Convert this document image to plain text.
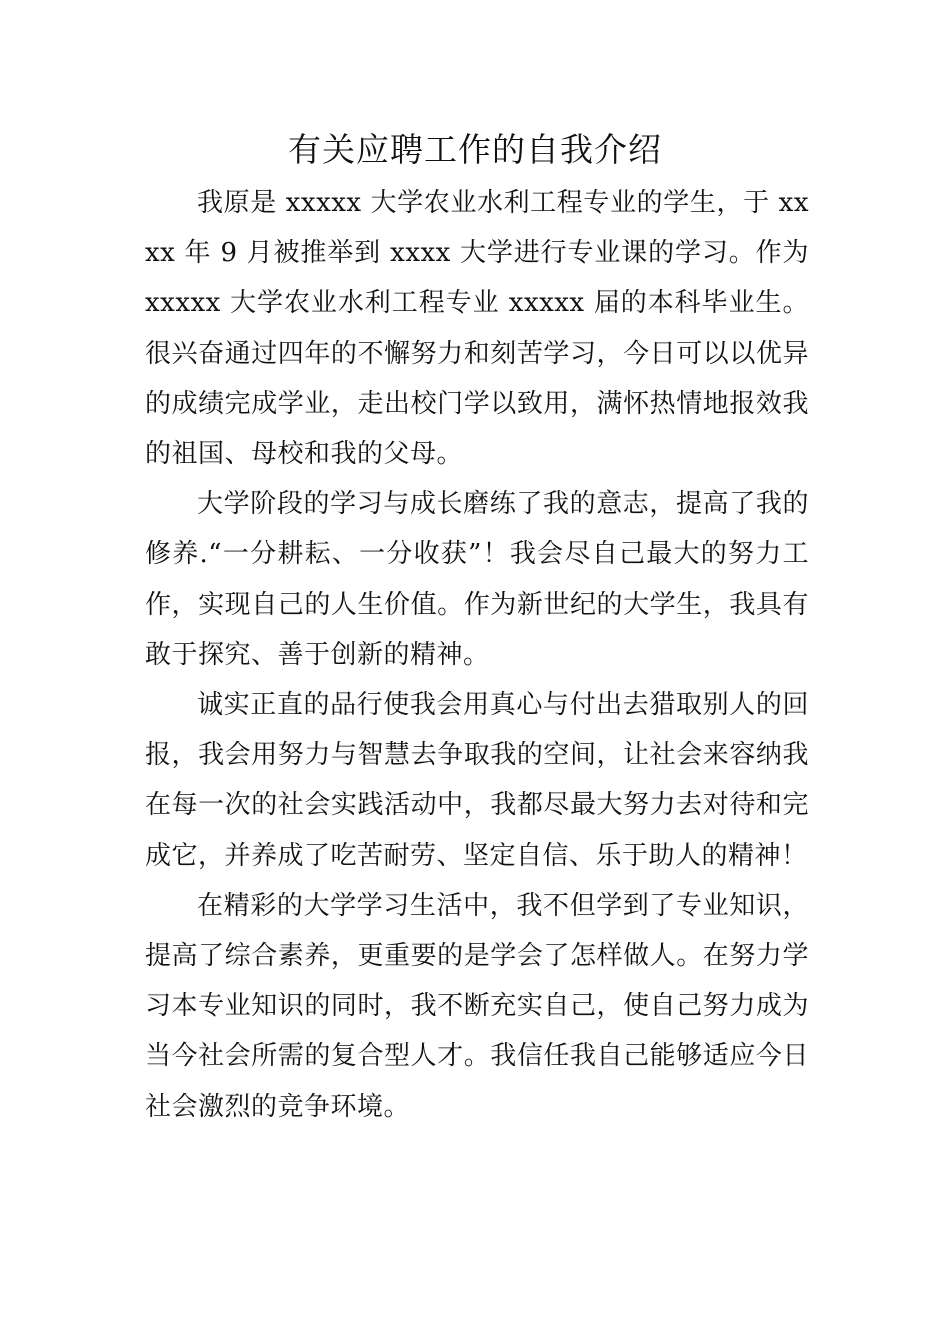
有关应聘工作的自我介绍

我原是 xxxxx 大学农业水利工程专业的学生，于 xxxx 年 9 月被推举到 xxxx 大学进行专业课的学习。作为 xxxxx 大学农业水利工程专业 xxxxx 届的本科毕业生。很兴奋通过四年的不懈努力和刻苦学习，今日可以以优异的成绩完成学业，走出校门学以致用，满怀热情地报效我的祖国、母校和我的父母。

大学阶段的学习与成长磨练了我的意志，提高了我的修养.“一分耕耘、一分收获”！我会尽自己最大的努力工作，实现自己的人生价值。作为新世纪的大学生，我具有敢于探究、善于创新的精神。

诚实正直的品行使我会用真心与付出去猎取别人的回报，我会用努力与智慧去争取我的空间，让社会来容纳我在每一次的社会实践活动中，我都尽最大努力去对待和完成它，并养成了吃苦耐劳、坚定自信、乐于助人的精神！

在精彩的大学学习生活中，我不但学到了专业知识，提高了综合素养，更重要的是学会了怎样做人。在努力学习本专业知识的同时，我不断充实自己，使自己努力成为当今社会所需的复合型人才。我信任我自己能够适应今日社会激烈的竞争环境。
